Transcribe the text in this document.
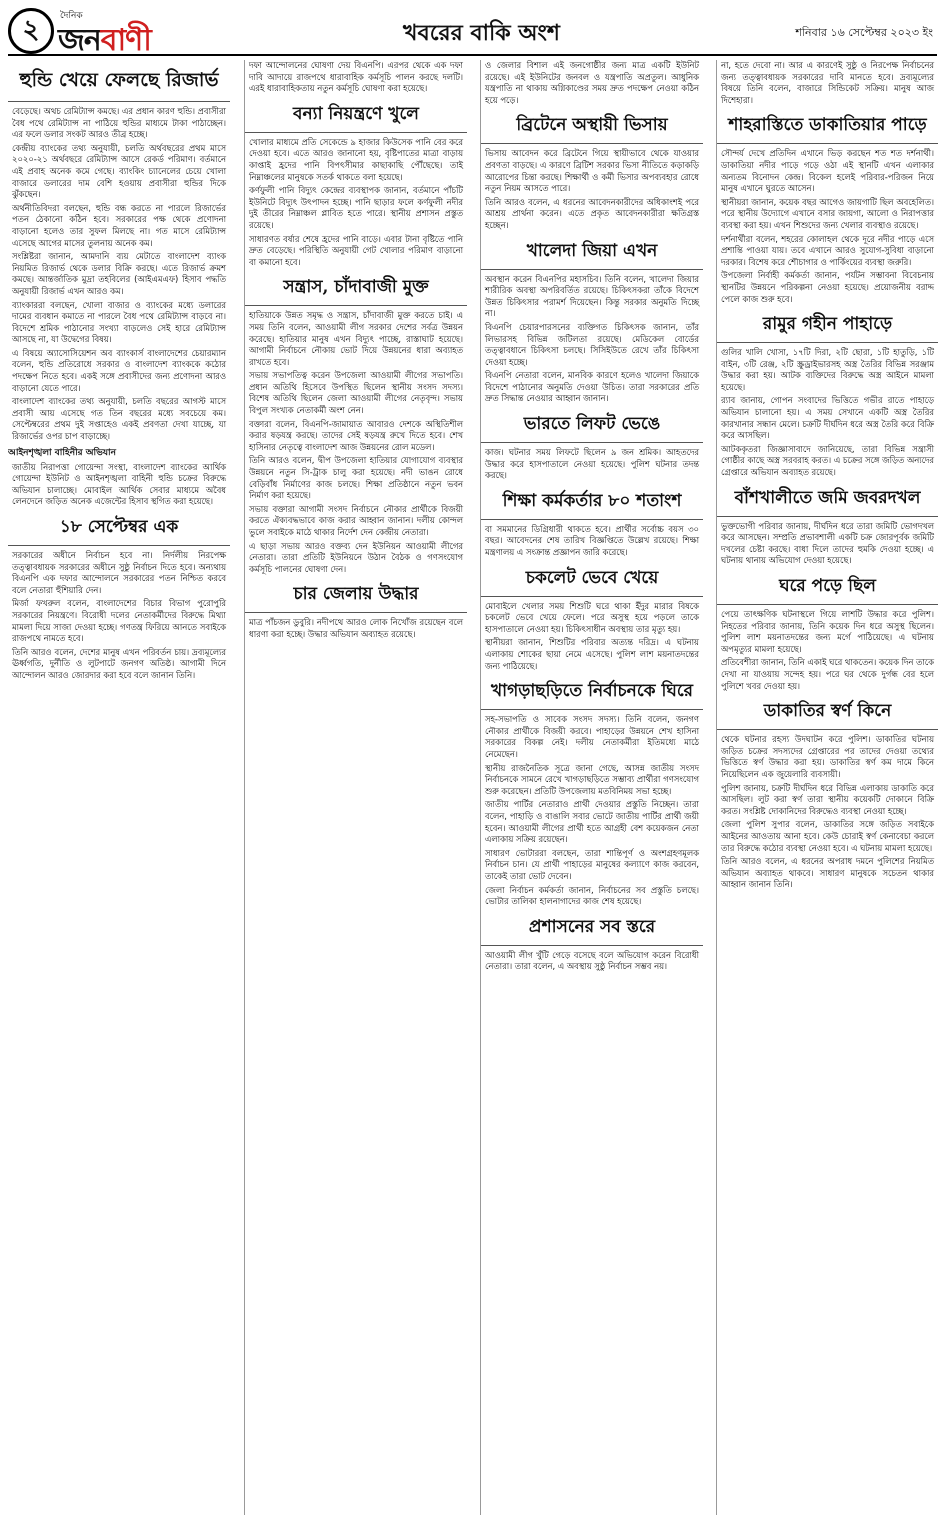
২	দৈনিক
জনবাণী	খবরের বাকি অংশ	শনিবার ১৬ সেপ্টেম্বর ২০২৩ ইং
হুন্ডি খেয়ে ফেলছে রিজার্ভ

বেড়েছে। অথচ রেমিট্যান্স কমছে। এর প্রধান কারণ হুন্ডি। প্রবাসীরা বৈধ পথে রেমিট্যান্স না পাঠিয়ে হুন্ডির মাধ্যমে টাকা পাঠাচ্ছেন। এর ফলে ডলার সংকট আরও তীব্র হচ্ছে।

কেন্দ্রীয় ব্যাংকের তথ্য অনুযায়ী, চলতি অর্থবছরের প্রথম মাসে ২০২০-২১ অর্থবছরে রেমিট্যান্স আসে রেকর্ড পরিমাণ। বর্তমানে এই প্রবাহ অনেক কমে গেছে। ব্যাংকিং চ্যানেলের চেয়ে খোলা বাজারে ডলারের দাম বেশি হওয়ায় প্রবাসীরা হুন্ডির দিকে ঝুঁকছেন।

অর্থনীতিবিদরা বলছেন, হুন্ডি বন্ধ করতে না পারলে রিজার্ভের পতন ঠেকানো কঠিন হবে। সরকারের পক্ষ থেকে প্রণোদনা বাড়ানো হলেও তার সুফল মিলছে না। গত মাসে রেমিট্যান্স এসেছে আগের মাসের তুলনায় অনেক কম।

সংশ্লিষ্টরা জানান, আমদানি ব্যয় মেটাতে বাংলাদেশ ব্যাংক নিয়মিত রিজার্ভ থেকে ডলার বিক্রি করছে। এতে রিজার্ভ ক্রমশ কমছে। আন্তর্জাতিক মুদ্রা তহবিলের (আইএমএফ) হিসাব পদ্ধতি অনুযায়ী রিজার্ভ এখন আরও কম।

ব্যাংকাররা বলছেন, খোলা বাজার ও ব্যাংকের মধ্যে ডলারের দামের ব্যবধান কমাতে না পারলে বৈধ পথে রেমিট্যান্স বাড়বে না। বিদেশে শ্রমিক পাঠানোর সংখ্যা বাড়লেও সেই হারে রেমিট্যান্স আসছে না, যা উদ্বেগের বিষয়।

এ বিষয়ে অ্যাসোসিয়েশন অব ব্যাংকার্স বাংলাদেশের চেয়ারম্যান বলেন, হুন্ডি প্রতিরোধে সরকার ও বাংলাদেশ ব্যাংককে কঠোর পদক্ষেপ নিতে হবে। একই সঙ্গে প্রবাসীদের জন্য প্রণোদনা আরও বাড়ানো যেতে পারে।

বাংলাদেশ ব্যাংকের তথ্য অনুযায়ী, চলতি বছরের আগস্ট মাসে প্রবাসী আয় এসেছে গত তিন বছরের মধ্যে সবচেয়ে কম। সেপ্টেম্বরের প্রথম দুই সপ্তাহেও একই প্রবণতা দেখা যাচ্ছে, যা রিজার্ভের ওপর চাপ বাড়াচ্ছে।

আইনশৃঙ্খলা বাহিনীর অভিযান

জাতীয় নিরাপত্তা গোয়েন্দা সংস্থা, বাংলাদেশ ব্যাংকের আর্থিক গোয়েন্দা ইউনিট ও আইনশৃঙ্খলা বাহিনী হুন্ডি চক্রের বিরুদ্ধে অভিযান চালাচ্ছে। মোবাইল আর্থিক সেবার মাধ্যমে অবৈধ লেনদেনে জড়িত অনেক এজেন্টের হিসাব স্থগিত করা হয়েছে।

১৮ সেপ্টেম্বর এক

সরকারের অধীনে নির্বাচন হবে না। নির্দলীয় নিরপেক্ষ তত্ত্বাবধায়ক সরকারের অধীনে সুষ্ঠু নির্বাচন দিতে হবে। অন্যথায় বিএনপি এক দফার আন্দোলনে সরকারের পতন নিশ্চিত করবে বলে নেতারা হুঁশিয়ারি দেন।

মির্জা ফখরুল বলেন, বাংলাদেশের বিচার বিভাগ পুরোপুরি সরকারের নিয়ন্ত্রণে। বিরোধী দলের নেতাকর্মীদের বিরুদ্ধে মিথ্যা মামলা দিয়ে সাজা দেওয়া হচ্ছে। গণতন্ত্র ফিরিয়ে আনতে সবাইকে রাজপথে নামতে হবে।

তিনি আরও বলেন, দেশের মানুষ এখন পরিবর্তন চায়। দ্রব্যমূল্যের ঊর্ধ্বগতি, দুর্নীতি ও লুটপাটে জনগণ অতিষ্ঠ। আগামী দিনে আন্দোলন আরও জোরদার করা হবে বলে জানান তিনি।

দফা আন্দোলনের ঘোষণা দেয় বিএনপি। এরপর থেকে এক দফা দাবি আদায়ে রাজপথে ধারাবাহিক কর্মসূচি পালন করছে দলটি। এরই ধারাবাহিকতায় নতুন কর্মসূচি ঘোষণা করা হয়েছে।

বন্যা নিয়ন্ত্রণে খুলে

খোলার মাধ্যমে প্রতি সেকেন্ডে ৯ হাজার কিউসেক পানি বের করে দেওয়া হবে। এতে আরও জানানো হয়, বৃষ্টিপাতের মাত্রা বাড়ায় কাপ্তাই হ্রদের পানি বিপৎসীমার কাছাকাছি পৌঁছেছে। তাই নিম্নাঞ্চলের মানুষকে সতর্ক থাকতে বলা হয়েছে।

কর্ণফুলী পানি বিদ্যুৎ কেন্দ্রের ব্যবস্থাপক জানান, বর্তমানে পাঁচটি ইউনিটে বিদ্যুৎ উৎপাদন হচ্ছে। পানি ছাড়ার ফলে কর্ণফুলী নদীর দুই তীরের নিম্নাঞ্চল প্লাবিত হতে পারে। স্থানীয় প্রশাসন প্রস্তুত রয়েছে।

সাধারণত বর্ষার শেষে হ্রদের পানি বাড়ে। এবার টানা বৃষ্টিতে পানি দ্রুত বেড়েছে। পরিস্থিতি অনুযায়ী গেট খোলার পরিমাণ বাড়ানো বা কমানো হবে।

সন্ত্রাস, চাঁদাবাজী মুক্ত

হাতিয়াকে উন্নত সমৃদ্ধ ও সন্ত্রাস, চাঁদাবাজী মুক্ত করতে চাই। এ সময় তিনি বলেন, আওয়ামী লীগ সরকার দেশের সর্বত্র উন্নয়ন করেছে। হাতিয়ার মানুষ এখন বিদ্যুৎ পাচ্ছে, রাস্তাঘাট হয়েছে। আগামী নির্বাচনে নৌকায় ভোট দিয়ে উন্নয়নের ধারা অব্যাহত রাখতে হবে।

সভায় সভাপতিত্ব করেন উপজেলা আওয়ামী লীগের সভাপতি। প্রধান অতিথি হিসেবে উপস্থিত ছিলেন স্থানীয় সংসদ সদস্য। বিশেষ অতিথি ছিলেন জেলা আওয়ামী লীগের নেতৃবৃন্দ। সভায় বিপুল সংখ্যক নেতাকর্মী অংশ নেন।

বক্তারা বলেন, বিএনপি-জামায়াত আবারও দেশকে অস্থিতিশীল করার ষড়যন্ত্র করছে। তাদের সেই ষড়যন্ত্র রুখে দিতে হবে। শেখ হাসিনার নেতৃত্বে বাংলাদেশ আজ উন্নয়নের রোল মডেল।

তিনি আরও বলেন, দ্বীপ উপজেলা হাতিয়ার যোগাযোগ ব্যবস্থার উন্নয়নে নতুন সি-ট্রাক চালু করা হয়েছে। নদী ভাঙন রোধে বেড়িবাঁধ নির্মাণের কাজ চলছে। শিক্ষা প্রতিষ্ঠানে নতুন ভবন নির্মাণ করা হয়েছে।

সভায় বক্তারা আগামী সংসদ নির্বাচনে নৌকার প্রার্থীকে বিজয়ী করতে ঐক্যবদ্ধভাবে কাজ করার আহ্বান জানান। দলীয় কোন্দল ভুলে সবাইকে মাঠে থাকার নির্দেশ দেন কেন্দ্রীয় নেতারা।

এ ছাড়া সভায় আরও বক্তব্য দেন ইউনিয়ন আওয়ামী লীগের নেতারা। তারা প্রতিটি ইউনিয়নে উঠান বৈঠক ও গণসংযোগ কর্মসূচি পালনের ঘোষণা দেন।

চার জেলায় উদ্ধার

মাত্র পাঁচজন ডুবুরি। নদীপথে আরও লোক নিখোঁজ রয়েছেন বলে ধারণা করা হচ্ছে। উদ্ধার অভিযান অব্যাহত রয়েছে।

ও জেলার বিশাল এই জনগোষ্ঠীর জন্য মাত্র একটি ইউনিট রয়েছে। এই ইউনিটের জনবল ও যন্ত্রপাতি অপ্রতুল। আধুনিক যন্ত্রপাতি না থাকায় অগ্নিকাণ্ডের সময় দ্রুত পদক্ষেপ নেওয়া কঠিন হয়ে পড়ে।

ব্রিটেনে অস্থায়ী ভিসায়

ভিসায় আবেদন করে ব্রিটেনে গিয়ে স্থায়ীভাবে থেকে যাওয়ার প্রবণতা বাড়ছে। এ কারণে ব্রিটিশ সরকার ভিসা নীতিতে কড়াকড়ি আরোপের চিন্তা করছে। শিক্ষার্থী ও কর্মী ভিসার অপব্যবহার রোধে নতুন নিয়ম আসতে পারে।

তিনি আরও বলেন, এ ধরনের আবেদনকারীদের অধিকাংশই পরে আশ্রয় প্রার্থনা করেন। এতে প্রকৃত আবেদনকারীরা ক্ষতিগ্রস্ত হচ্ছেন।

খালেদা জিয়া এখন

অবস্থান করেন বিএনপির মহাসচিব। তিনি বলেন, খালেদা জিয়ার শারীরিক অবস্থা অপরিবর্তিত রয়েছে। চিকিৎসকরা তাঁকে বিদেশে উন্নত চিকিৎসার পরামর্শ দিয়েছেন। কিন্তু সরকার অনুমতি দিচ্ছে না।

বিএনপি চেয়ারপারসনের ব্যক্তিগত চিকিৎসক জানান, তাঁর লিভারসহ বিভিন্ন জটিলতা রয়েছে। মেডিকেল বোর্ডের তত্ত্বাবধানে চিকিৎসা চলছে। সিসিইউতে রেখে তাঁর চিকিৎসা দেওয়া হচ্ছে।

বিএনপি নেতারা বলেন, মানবিক কারণে হলেও খালেদা জিয়াকে বিদেশে পাঠানোর অনুমতি দেওয়া উচিত। তারা সরকারের প্রতি দ্রুত সিদ্ধান্ত নেওয়ার আহ্বান জানান।

ভারতে লিফট ভেঙে

কাজ। ঘটনার সময় লিফটে ছিলেন ৯ জন শ্রমিক। আহতদের উদ্ধার করে হাসপাতালে নেওয়া হয়েছে। পুলিশ ঘটনার তদন্ত করছে।

শিক্ষা কর্মকর্তার ৮০ শতাংশ

বা সমমানের ডিগ্রিধারী থাকতে হবে। প্রার্থীর সর্বোচ্চ বয়স ৩০ বছর। আবেদনের শেষ তারিখ বিজ্ঞপ্তিতে উল্লেখ রয়েছে। শিক্ষা মন্ত্রণালয় এ সংক্রান্ত প্রজ্ঞাপন জারি করেছে।

চকলেট ভেবে খেয়ে

মোবাইলে খেলার সময় শিশুটি ঘরে থাকা ইঁদুর মারার বিষকে চকলেট ভেবে খেয়ে ফেলে। পরে অসুস্থ হয়ে পড়লে তাকে হাসপাতালে নেওয়া হয়। চিকিৎসাধীন অবস্থায় তার মৃত্যু হয়।

স্থানীয়রা জানান, শিশুটির পরিবার অত্যন্ত দরিদ্র। এ ঘটনায় এলাকায় শোকের ছায়া নেমে এসেছে। পুলিশ লাশ ময়নাতদন্তের জন্য পাঠিয়েছে।

খাগড়াছড়িতে নির্বাচনকে ঘিরে

সহ-সভাপতি ও সাবেক সংসদ সদস্য। তিনি বলেন, জনগণ নৌকার প্রার্থীকে বিজয়ী করবে। পাহাড়ের উন্নয়নে শেখ হাসিনা সরকারের বিকল্প নেই। দলীয় নেতাকর্মীরা ইতিমধ্যে মাঠে নেমেছেন।

স্থানীয় রাজনৈতিক সূত্রে জানা গেছে, আসন্ন জাতীয় সংসদ নির্বাচনকে সামনে রেখে খাগড়াছড়িতে সম্ভাব্য প্রার্থীরা গণসংযোগ শুরু করেছেন। প্রতিটি উপজেলায় মতবিনিময় সভা হচ্ছে।

জাতীয় পার্টির নেতারাও প্রার্থী দেওয়ার প্রস্তুতি নিচ্ছেন। তারা বলেন, পাহাড়ি ও বাঙালি সবার ভোটে জাতীয় পার্টির প্রার্থী জয়ী হবেন। আওয়ামী লীগের প্রার্থী হতে আগ্রহী বেশ কয়েকজন নেতা এলাকায় সক্রিয় রয়েছেন।

সাধারণ ভোটাররা বলছেন, তারা শান্তিপূর্ণ ও অংশগ্রহণমূলক নির্বাচন চান। যে প্রার্থী পাহাড়ের মানুষের কল্যাণে কাজ করবেন, তাকেই তারা ভোট দেবেন।

জেলা নির্বাচন কর্মকর্তা জানান, নির্বাচনের সব প্রস্তুতি চলছে। ভোটার তালিকা হালনাগাদের কাজ শেষ হয়েছে।

প্রশাসনের সব স্তরে

আওয়ামী লীগ খুঁটি গেড়ে বসেছে বলে অভিযোগ করেন বিরোধী নেতারা। তারা বলেন, এ অবস্থায় সুষ্ঠু নির্বাচন সম্ভব নয়।

না, হতে দেবো না। আর এ কারণেই সুষ্ঠু ও নিরপেক্ষ নির্বাচনের জন্য তত্ত্বাবধায়ক সরকারের দাবি মানতে হবে। দ্রব্যমূল্যের বিষয়ে তিনি বলেন, বাজারে সিন্ডিকেট সক্রিয়। মানুষ আজ দিশেহারা।

শাহরাস্তিতে ডাকাতিয়ার পাড়ে

সৌন্দর্য দেখে প্রতিদিন এখানে ভিড় করছেন শত শত দর্শনার্থী। ডাকাতিয়া নদীর পাড়ে গড়ে ওঠা এই স্থানটি এখন এলাকার অন্যতম বিনোদন কেন্দ্র। বিকেল হলেই পরিবার-পরিজন নিয়ে মানুষ এখানে ঘুরতে আসেন।

স্থানীয়রা জানান, কয়েক বছর আগেও জায়গাটি ছিল অবহেলিত। পরে স্থানীয় উদ্যোগে এখানে বসার জায়গা, আলো ও নিরাপত্তার ব্যবস্থা করা হয়। এখন শিশুদের জন্য খেলার ব্যবস্থাও রয়েছে।

দর্শনার্থীরা বলেন, শহরের কোলাহল থেকে দূরে নদীর পাড়ে এসে প্রশান্তি পাওয়া যায়। তবে এখানে আরও সুযোগ-সুবিধা বাড়ানো দরকার। বিশেষ করে শৌচাগার ও পার্কিংয়ের ব্যবস্থা জরুরি।

উপজেলা নির্বাহী কর্মকর্তা জানান, পর্যটন সম্ভাবনা বিবেচনায় স্থানটির উন্নয়নে পরিকল্পনা নেওয়া হয়েছে। প্রয়োজনীয় বরাদ্দ পেলে কাজ শুরু হবে।

রামুর গহীন পাহাড়ে

গুলির খালি খোসা, ১৭টি দিরা, ২টি ছোরা, ১টি হাতুড়ি, ১টি বাইন, ৩টি রেঞ্জ, ২টি স্ক্রুড্রাইভারসহ অস্ত্র তৈরির বিভিন্ন সরঞ্জাম উদ্ধার করা হয়। আটক ব্যক্তিদের বিরুদ্ধে অস্ত্র আইনে মামলা হয়েছে।

র‌্যাব জানায়, গোপন সংবাদের ভিত্তিতে গভীর রাতে পাহাড়ে অভিযান চালানো হয়। এ সময় সেখানে একটি অস্ত্র তৈরির কারখানার সন্ধান মেলে। চক্রটি দীর্ঘদিন ধরে অস্ত্র তৈরি করে বিক্রি করে আসছিল।

আটককৃতরা জিজ্ঞাসাবাদে জানিয়েছে, তারা বিভিন্ন সন্ত্রাসী গোষ্ঠীর কাছে অস্ত্র সরবরাহ করত। এ চক্রের সঙ্গে জড়িত অন্যদের গ্রেপ্তারে অভিযান অব্যাহত রয়েছে।

বাঁশখালীতে জমি জবরদখল

ভুক্তভোগী পরিবার জানায়, দীর্ঘদিন ধরে তারা জমিটি ভোগদখল করে আসছেন। সম্প্রতি প্রভাবশালী একটি চক্র জোরপূর্বক জমিটি দখলের চেষ্টা করছে। বাধা দিলে তাদের হুমকি দেওয়া হচ্ছে। এ ঘটনায় থানায় অভিযোগ দেওয়া হয়েছে।

ঘরে পড়ে ছিল

পেয়ে তাৎক্ষণিক ঘটনাস্থলে গিয়ে লাশটি উদ্ধার করে পুলিশ। নিহতের পরিবার জানায়, তিনি কয়েক দিন ধরে অসুস্থ ছিলেন। পুলিশ লাশ ময়নাতদন্তের জন্য মর্গে পাঠিয়েছে। এ ঘটনায় অপমৃত্যুর মামলা হয়েছে।

প্রতিবেশীরা জানান, তিনি একাই ঘরে থাকতেন। কয়েক দিন তাকে দেখা না যাওয়ায় সন্দেহ হয়। পরে ঘর থেকে দুর্গন্ধ বের হলে পুলিশে খবর দেওয়া হয়।

ডাকাতির স্বর্ণ কিনে

থেকে ঘটনার রহস্য উদঘাটন করে পুলিশ। ডাকাতির ঘটনায় জড়িত চক্রের সদস্যদের গ্রেপ্তারের পর তাদের দেওয়া তথ্যের ভিত্তিতে স্বর্ণ উদ্ধার করা হয়। ডাকাতির স্বর্ণ কম দামে কিনে নিয়েছিলেন এক জুয়েলারি ব্যবসায়ী।

পুলিশ জানায়, চক্রটি দীর্ঘদিন ধরে বিভিন্ন এলাকায় ডাকাতি করে আসছিল। লুট করা স্বর্ণ তারা স্থানীয় কয়েকটি দোকানে বিক্রি করত। সংশ্লিষ্ট দোকানিদের বিরুদ্ধেও ব্যবস্থা নেওয়া হচ্ছে।

জেলা পুলিশ সুপার বলেন, ডাকাতির সঙ্গে জড়িত সবাইকে আইনের আওতায় আনা হবে। কেউ চোরাই স্বর্ণ কেনাবেচা করলে তার বিরুদ্ধে কঠোর ব্যবস্থা নেওয়া হবে। এ ঘটনায় মামলা হয়েছে।

তিনি আরও বলেন, এ ধরনের অপরাধ দমনে পুলিশের নিয়মিত অভিযান অব্যাহত থাকবে। সাধারণ মানুষকে সচেতন থাকার আহ্বান জানান তিনি।
